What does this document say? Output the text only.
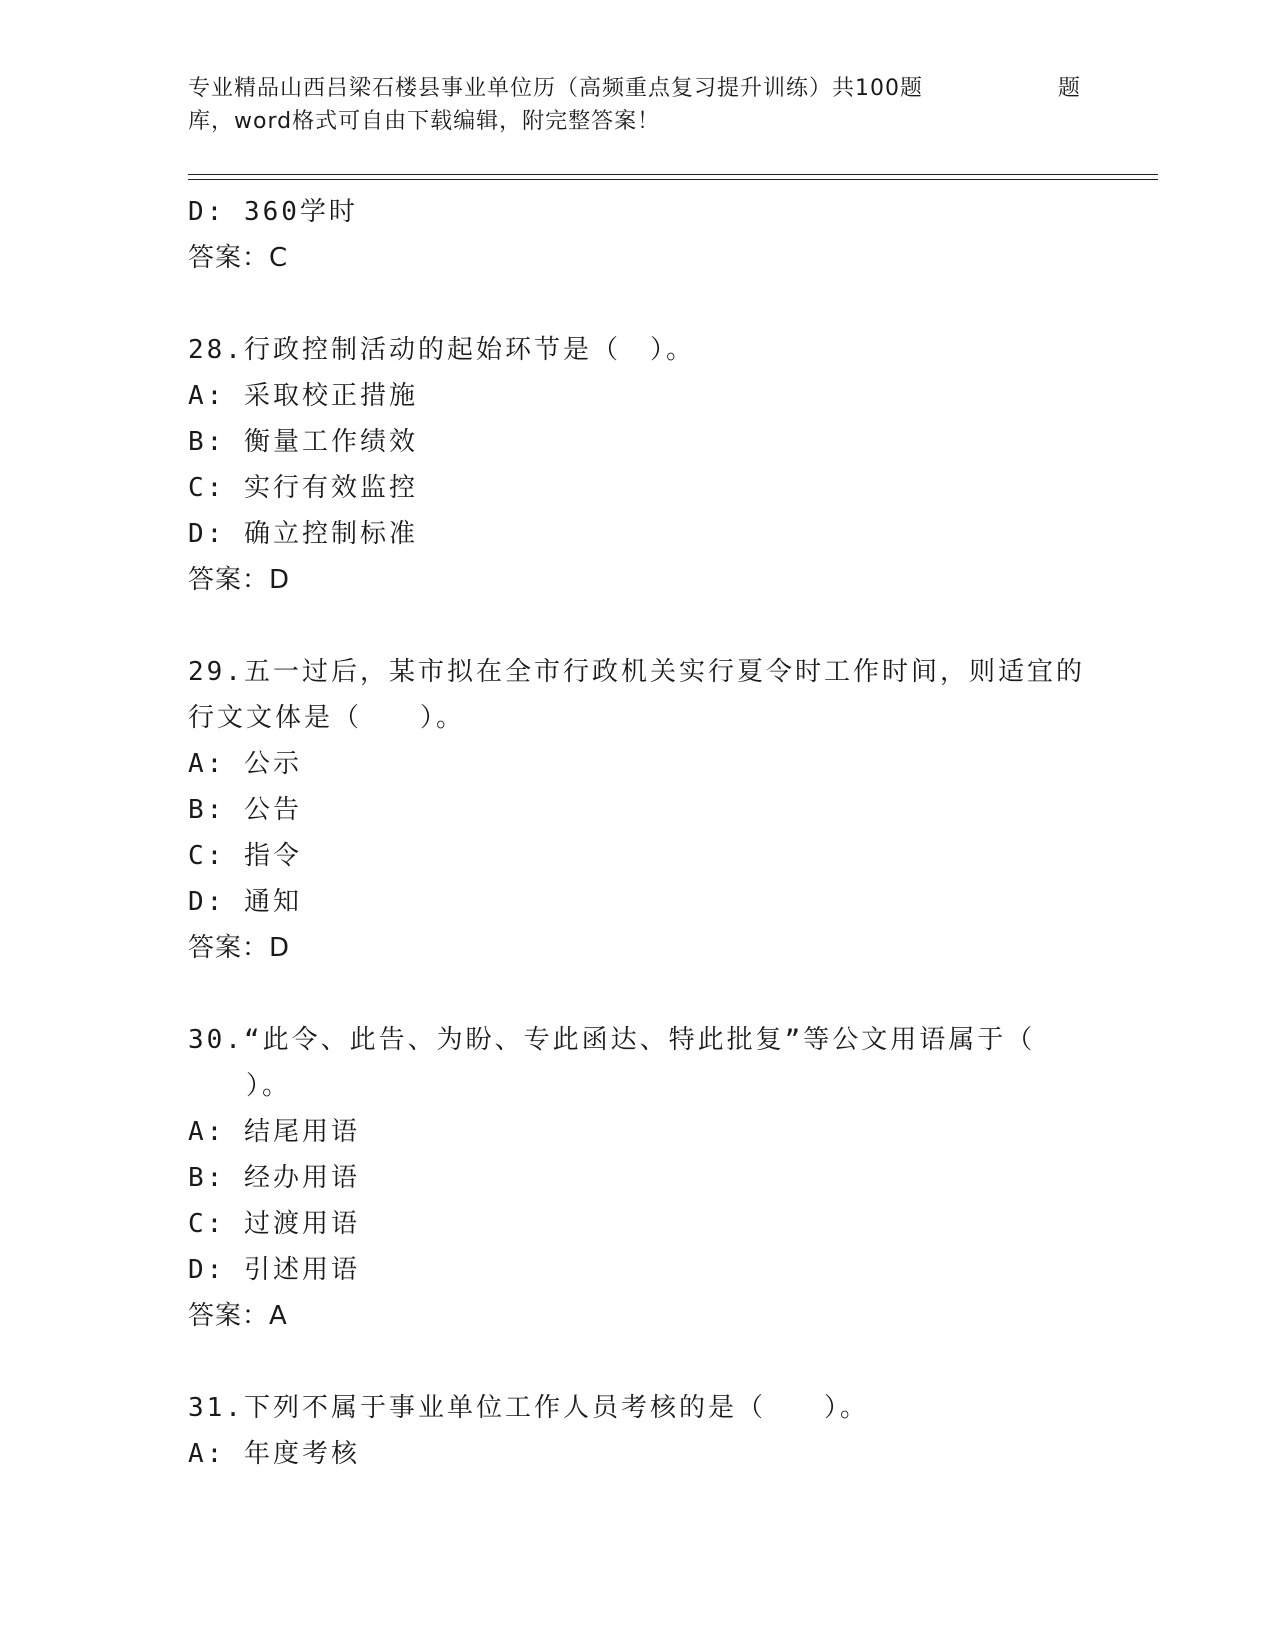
专业精品山西吕梁石楼县事业单位历（高频重点复习提升训练）共100题	题
库，word格式可自由下载编辑，附完整答案！
D: 360学时
答案：C
28.行政控制活动的起始环节是（　）。
A: 采取校正措施
B: 衡量工作绩效
C: 实行有效监控
D: 确立控制标准
答案：D
29.五一过后，某市拟在全市行政机关实行夏令时工作时间，则适宜的
行文文体是（　　）。
A: 公示
B: 公告
C: 指令
D: 通知
答案：D
30.“此令、此告、为盼、专此函达、特此批复”等公文用语属于（
）。
A: 结尾用语
B: 经办用语
C: 过渡用语
D: 引述用语
答案：A
31.下列不属于事业单位工作人员考核的是（　　）。
A: 年度考核
